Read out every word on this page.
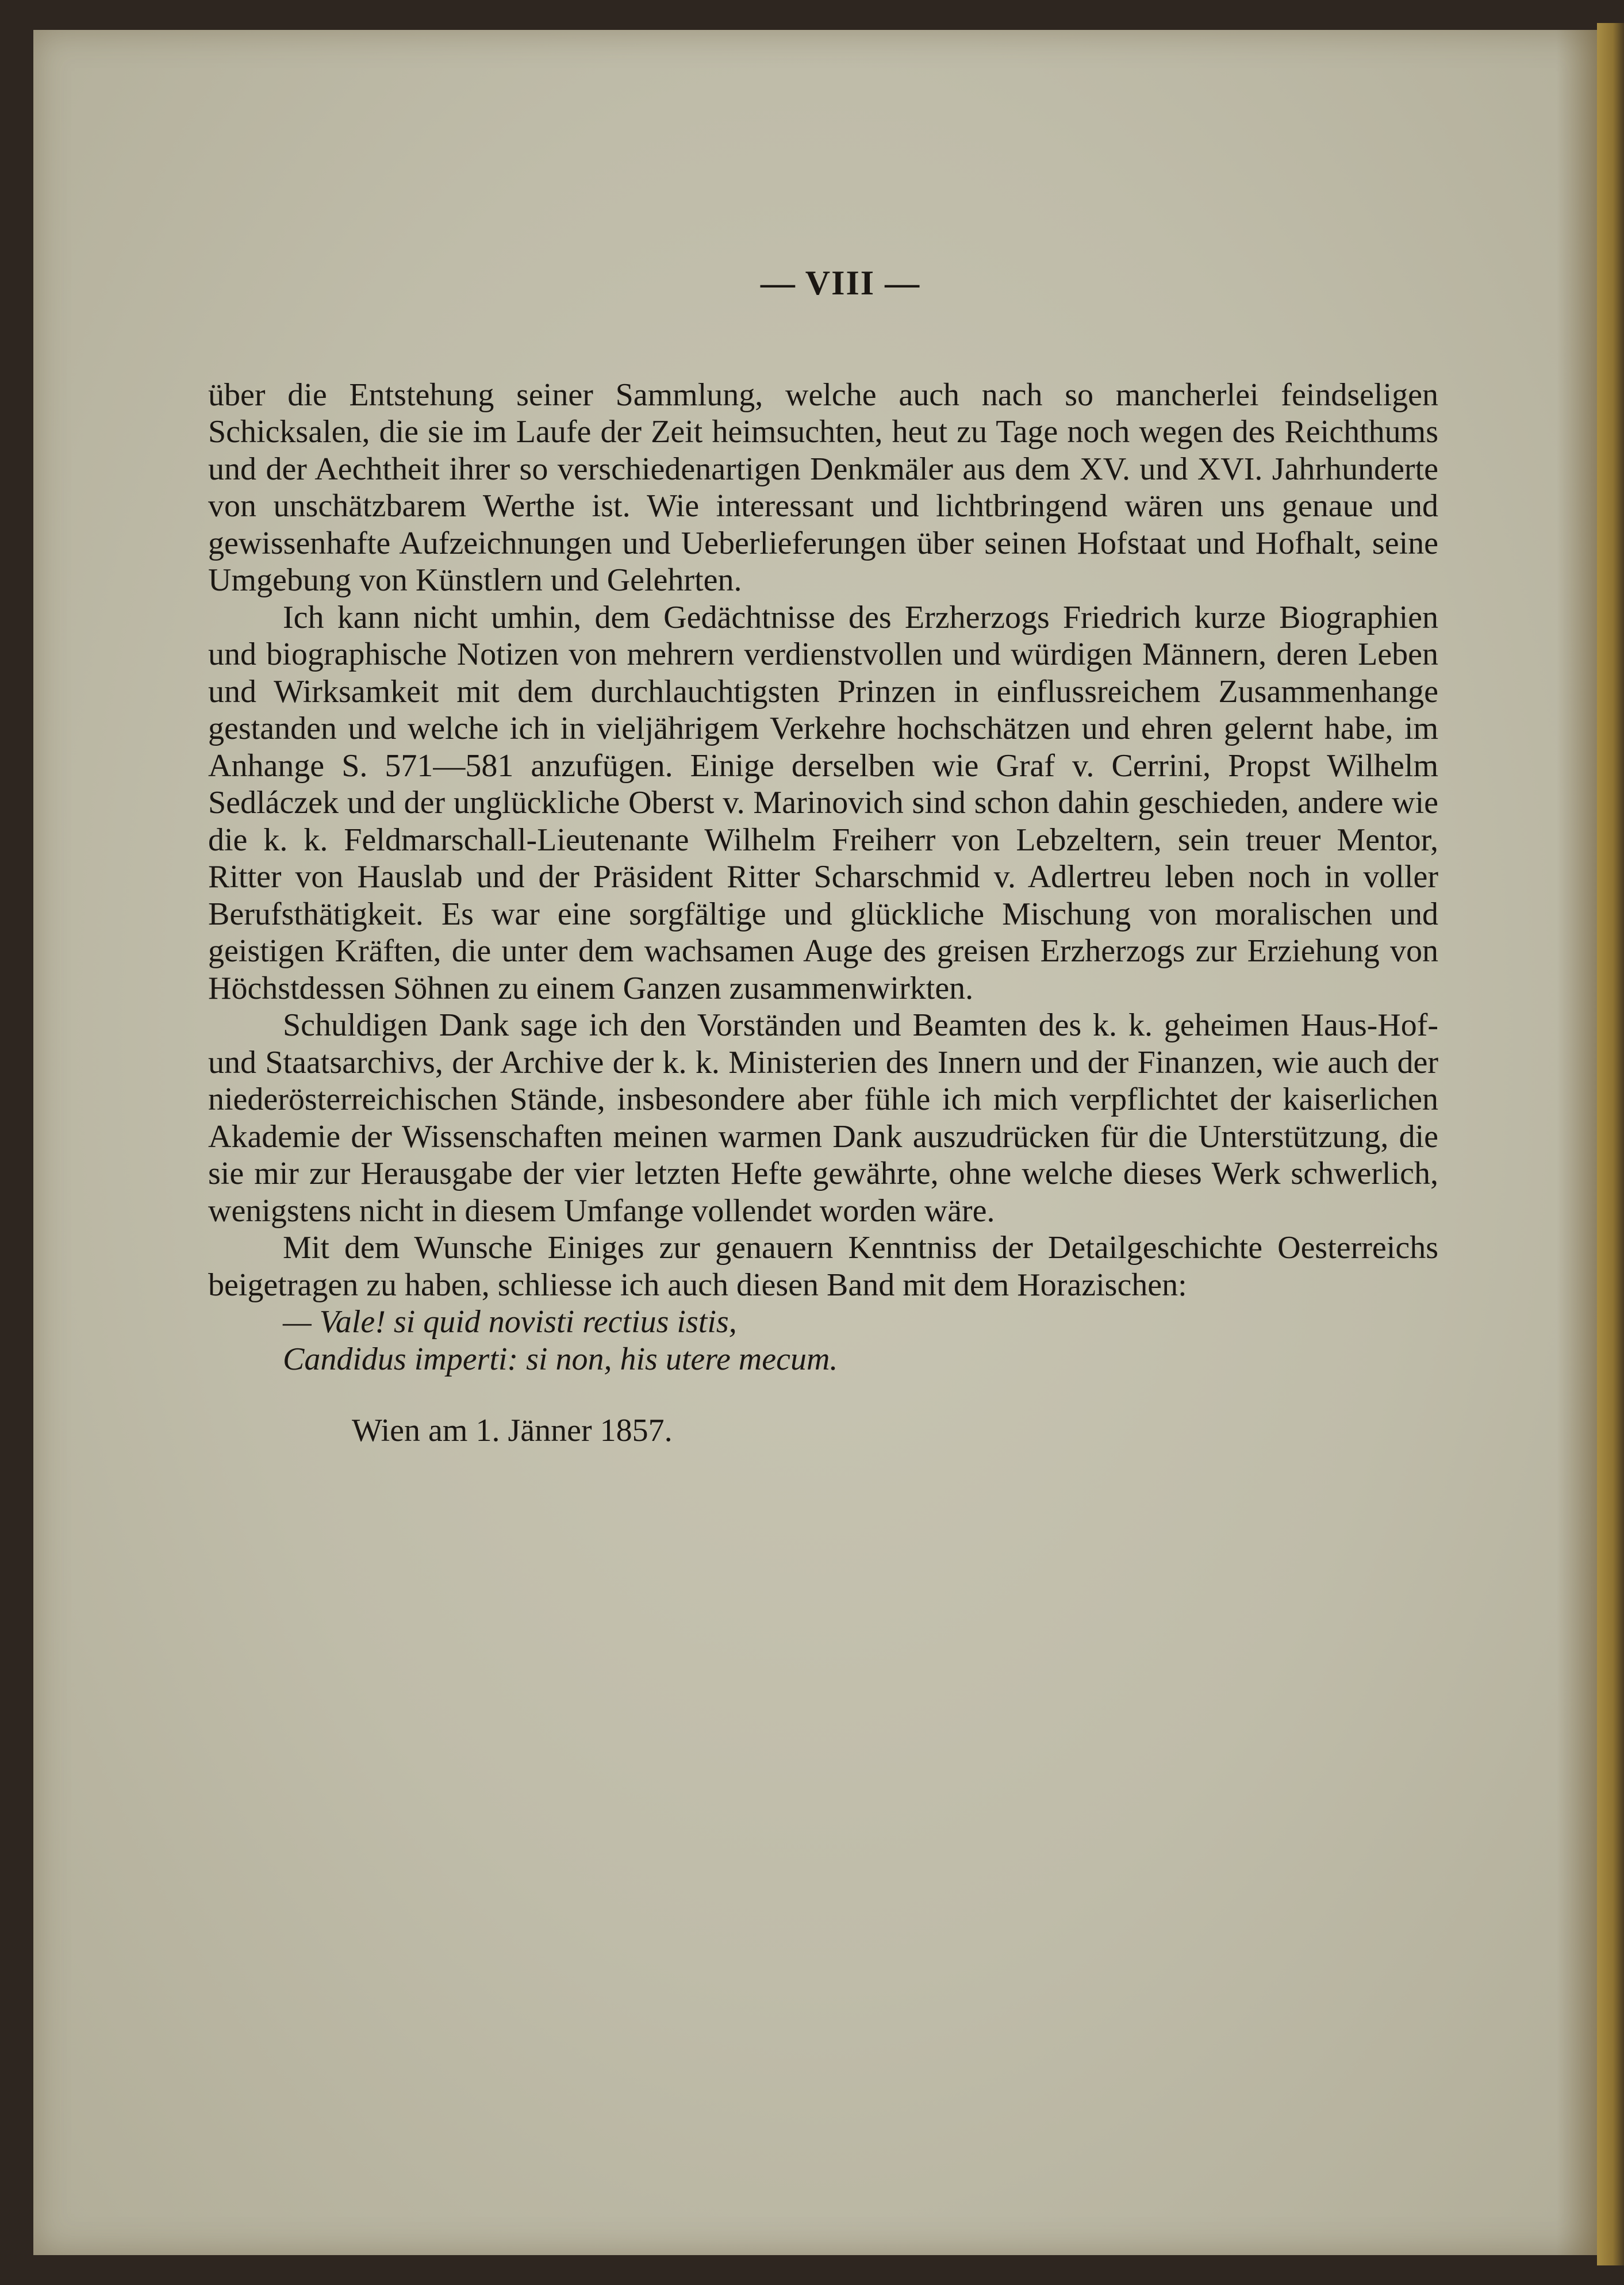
— VIII —

über die Entstehung seiner Sammlung, welche auch nach so mancherlei feindseligen Schicksalen, die sie im Laufe der Zeit heimsuchten, heut zu Tage noch wegen des Reichthums und der Aechtheit ihrer so verschiedenartigen Denkmäler aus dem XV. und XVI. Jahrhunderte von unschätzbarem Werthe ist. Wie interessant und lichtbringend wären uns genaue und gewissenhafte Aufzeichnungen und Ueberlieferungen über seinen Hofstaat und Hofhalt, seine Umgebung von Künstlern und Gelehrten.

Ich kann nicht umhin, dem Gedächtnisse des Erzherzogs Friedrich kurze Biographien und biographische Notizen von mehrern verdienstvollen und würdigen Männern, deren Leben und Wirksamkeit mit dem durchlauchtigsten Prinzen in einflussreichem Zusammenhange gestanden und welche ich in vieljährigem Verkehre hochschätzen und ehren gelernt habe, im Anhange S. 571—581 anzufügen. Einige derselben wie Graf v. Cerrini, Propst Wilhelm Sedláczek und der unglückliche Oberst v. Marinovich sind schon dahin geschieden, andere wie die k. k. Feldmarschall-Lieutenante Wilhelm Freiherr von Lebzeltern, sein treuer Mentor, Ritter von Hauslab und der Präsident Ritter Scharschmid v. Adlertreu leben noch in voller Berufsthätigkeit. Es war eine sorgfältige und glückliche Mischung von moralischen und geistigen Kräften, die unter dem wachsamen Auge des greisen Erzherzogs zur Erziehung von Höchstdessen Söhnen zu einem Ganzen zusammenwirkten.

Schuldigen Dank sage ich den Vorständen und Beamten des k. k. geheimen Haus-Hof- und Staatsarchivs, der Archive der k. k. Ministerien des Innern und der Finanzen, wie auch der niederösterreichischen Stände, insbesondere aber fühle ich mich verpflichtet der kaiserlichen Akademie der Wissenschaften meinen warmen Dank auszudrücken für die Unterstützung, die sie mir zur Herausgabe der vier letzten Hefte gewährte, ohne welche dieses Werk schwerlich, wenigstens nicht in diesem Umfange vollendet worden wäre.

Mit dem Wunsche Einiges zur genauern Kenntniss der Detailgeschichte Oesterreichs beigetragen zu haben, schliesse ich auch diesen Band mit dem Horazischen:

— Vale! si quid novisti rectius istis,

Candidus imperti: si non, his utere mecum.

Wien am 1. Jänner 1857.
